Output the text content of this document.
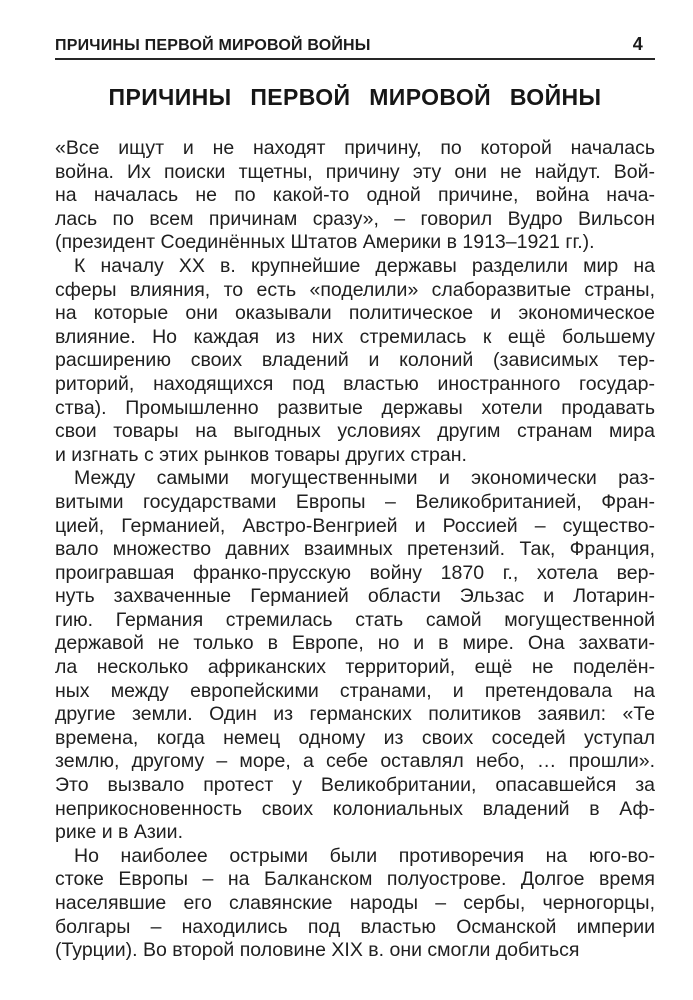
ПРИЧИНЫ ПЕРВОЙ МИРОВОЙ ВОЙНЫ	4
ПРИЧИНЫ ПЕРВОЙ МИРОВОЙ ВОЙНЫ
«Все ищут и не находят причину, по которой началась
война. Их поиски тщетны, причину эту они не найдут. Вой-
на началась не по какой-то одной причине, война нача-
лась по всем причинам сразу», – говорил Вудро Вильсон
(президент Соединённых Штатов Америки в 1913–1921 гг.).
К началу XX в. крупнейшие державы разделили мир на
сферы влияния, то есть «поделили» слаборазвитые страны,
на которые они оказывали политическое и экономическое
влияние. Но каждая из них стремилась к ещё большему
расширению своих владений и колоний (зависимых тер-
риторий, находящихся под властью иностранного государ-
ства). Промышленно развитые державы хотели продавать
свои товары на выгодных условиях другим странам мира
и изгнать с этих рынков товары других стран.
Между самыми могущественными и экономически раз-
витыми государствами Европы – Великобританией, Фран-
цией, Германией, Австро-Венгрией и Россией – существо-
вало множество давних взаимных претензий. Так, Франция,
проигравшая франко-прусскую войну 1870 г., хотела вер-
нуть захваченные Германией области Эльзас и Лотарин-
гию. Германия стремилась стать самой могущественной
державой не только в Европе, но и в мире. Она захвати-
ла несколько африканских территорий, ещё не поделён-
ных между европейскими странами, и претендовала на
другие земли. Один из германских политиков заявил: «Те
времена, когда немец одному из своих соседей уступал
землю, другому – море, а себе оставлял небо, … прошли».
Это вызвало протест у Великобритании, опасавшейся за
неприкосновенность своих колониальных владений в Аф-
рике и в Азии.
Но наиболее острыми были противоречия на юго-во-
стоке Европы – на Балканском полуострове. Долгое время
населявшие его славянские народы – сербы, черногорцы,
болгары – находились под властью Османской империи
(Турции). Во второй половине XIX в. они смогли добиться
